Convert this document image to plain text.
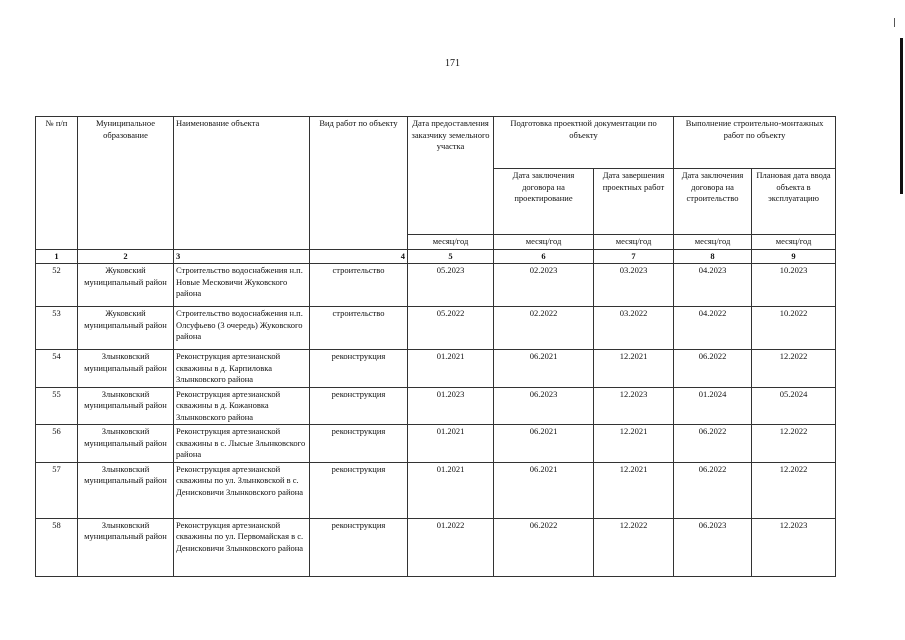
171
№ п/п	Муниципальное образование	Наименование объекта	Вид работ по объекту	Дата предоставления заказчику земельного участка	Подготовка проектной документации по объекту		Выполнение строительно-монтажных работ по объекту	
					Дата заключения договора на проектирование	Дата завершения проектных работ	Дата заключения договора на строительство	Плановая дата ввода объекта в эксплуатацию
				месяц/год	месяц/год	месяц/год	месяц/год	месяц/год
1	2	3	4	5	6	7	8	9
52	Жуковский муниципальный район	Строительство водоснабжения н.п. Новые Месковичи Жуковского района	строительство	05.2023	02.2023	03.2023	04.2023	10.2023
53	Жуковский муниципальный район	Строительство водоснабжения н.п. Олсуфьево (3 очередь) Жуковского района	строительство	05.2022	02.2022	03.2022	04.2022	10.2022
54	Злынковский муниципальный район	Реконструкция артезианской скважины в д. Карпиловка Злынковского района	реконструкция	01.2021	06.2021	12.2021	06.2022	12.2022
55	Злынковский муниципальный район	Реконструкция артезианской скважины в д. Кожановка Злынковского района	реконструкция	01.2023	06.2023	12.2023	01.2024	05.2024
56	Злынковский муниципальный район	Реконструкция артезианской скважины в с. Лысые Злынковского района	реконструкция	01.2021	06.2021	12.2021	06.2022	12.2022
57	Злынковский муниципальный район	Реконструкция артезианской скважины по ул. Злынковской в с. Денисковичи Злынковского района	реконструкция	01.2021	06.2021	12.2021	06.2022	12.2022
58	Злынковский муниципальный район	Реконструкция артезианской скважины по ул. Первомайская в с. Денисковичи Злынковского района	реконструкция	01.2022	06.2022	12.2022	06.2023	12.2023
